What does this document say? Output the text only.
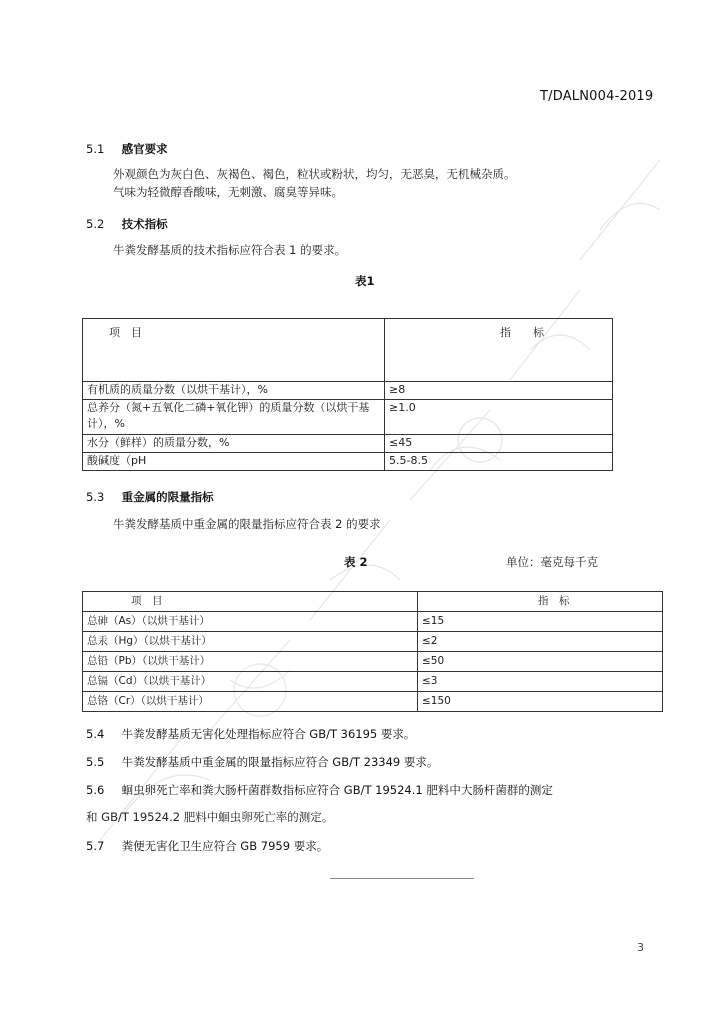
T/DALN004-2019
5.1 感官要求
外观颜色为灰白色、灰褐色、褐色，粒状或粉状，均匀，无恶臭，无机械杂质。
气味为轻微醇香酸味，无刺激、腐臭等异味。
5.2 技术指标
牛粪发酵基质的技术指标应符合表 1 的要求。
表1
项　目	指　　标
有机质的质量分数（以烘干基计），%	≥8
总养分（氮+五氧化二磷+氧化钾）的质量分数（以烘干基计），%	≥1.0
水分（鲜样）的质量分数，%	≤45
酸碱度（pH	5.5-8.5
5.3 重金属的限量指标
牛粪发酵基质中重金属的限量指标应符合表 2 的要求
表 2	单位：毫克每千克
项　目	指　标
总砷（As）（以烘干基计）	≤15
总汞（Hg）（以烘干基计）	≤2
总铅（Pb）（以烘干基计）	≤50
总镉（Cd）（以烘干基计）	≤3
总铬（Cr）（以烘干基计）	≤150
5.4 牛粪发酵基质无害化处理指标应符合 GB/T 36195 要求。
5.5 牛粪发酵基质中重金属的限量指标应符合 GB/T 23349 要求。
5.6 蛔虫卵死亡率和粪大肠杆菌群数指标应符合 GB/T 19524.1 肥料中大肠杆菌群的测定
和 GB/T 19524.2 肥料中蛔虫卵死亡率的测定。
5.7 粪便无害化卫生应符合 GB 7959 要求。
3
